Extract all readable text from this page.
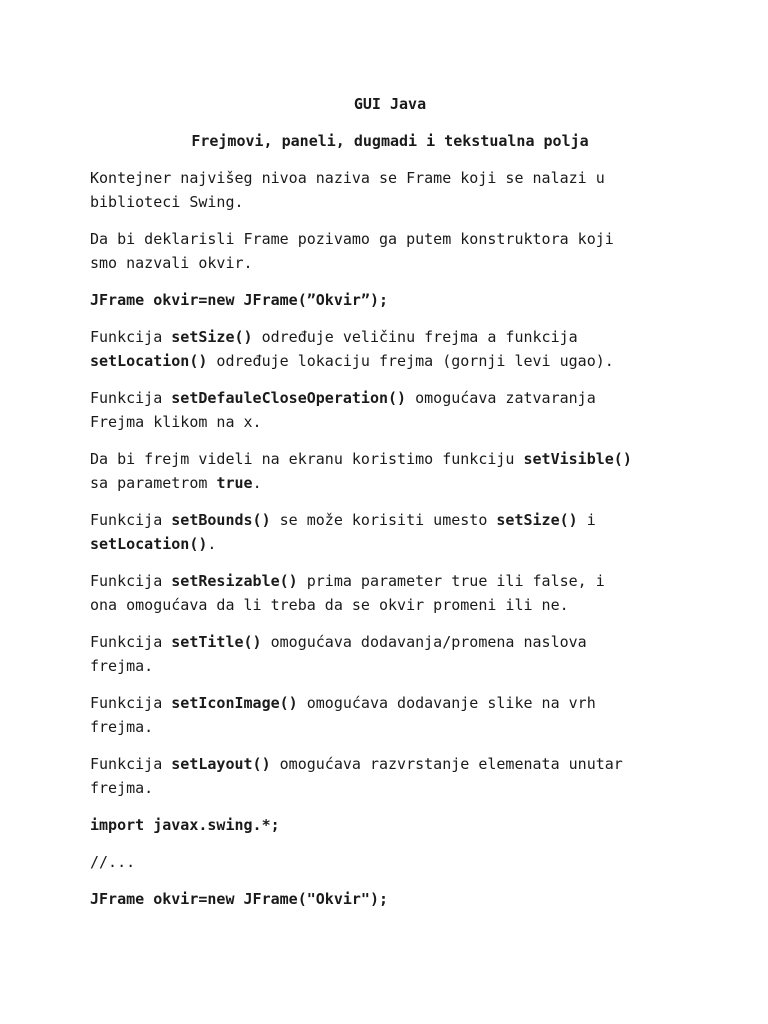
GUI Java
Frejmovi, paneli, dugmadi i tekstualna polja

Kontejner najvišeg nivoa naziva se Frame koji se nalazi u
biblioteci Swing.

Da bi deklarisli Frame pozivamo ga putem konstruktora koji
smo nazvali okvir.

JFrame okvir=new JFrame(”Okvir”);

Funkcija setSize() određuje veličinu frejma a funkcija
setLocation() određuje lokaciju frejma (gornji levi ugao).

Funkcija setDefauleCloseOperation() omogućava zatvaranja
Frejma klikom na x.

Da bi frejm videli na ekranu koristimo funkciju setVisible()
sa parametrom true.

Funkcija setBounds() se može korisiti umesto setSize() i
setLocation().

Funkcija setResizable() prima parameter true ili false, i
ona omogućava da li treba da se okvir promeni ili ne.

Funkcija setTitle() omogućava dodavanja/promena naslova
frejma.

Funkcija setIconImage() omogućava dodavanje slike na vrh
frejma.

Funkcija setLayout() omogućava razvrstanje elemenata unutar
frejma.

import javax.swing.*;

//...

JFrame okvir=new JFrame("Okvir");
